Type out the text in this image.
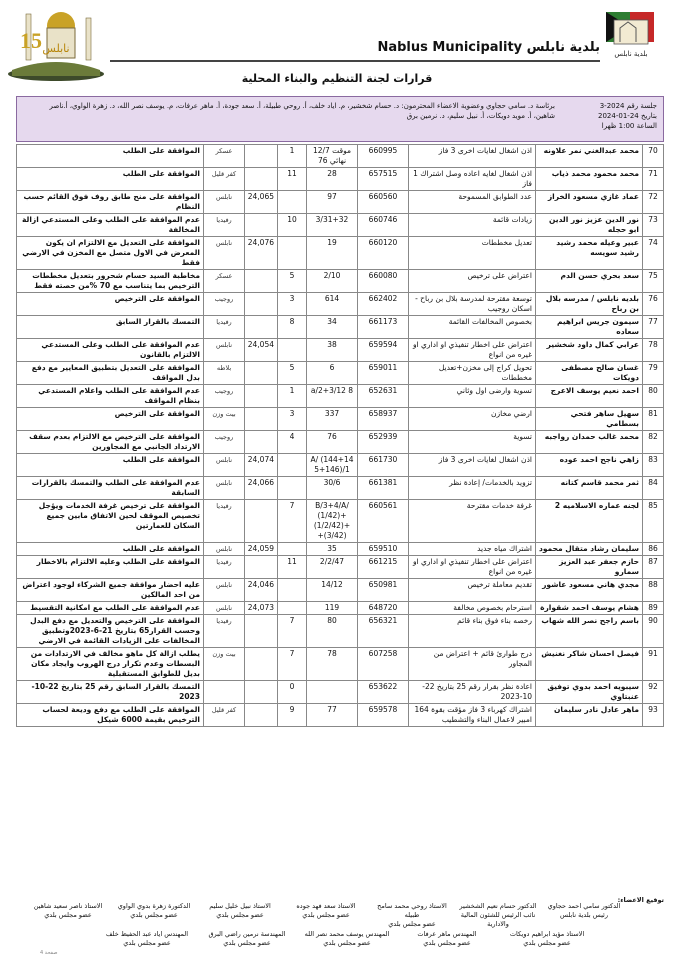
15 نابلس	Nablus Municipality بلدية نابلس بلدية نابلس
قرارات لجنة التنظيم والبناء المحلية
جلسة رقم 2024-3
بتاريخ 24-01-2024
الساعة 1:00 ظهرا
برئاسة د. سامي حجاوي وعضوية الاعضاء المحترمون: د. حسام شخشير، م. اياد خلف، أ. روحي طبيلة، أ. سعد جودة، أ. ماهر عرفات، م. يوسف نصر الله، د. زهرة الواوي، أ.ناصر شاهين، أ. مويد دويكات، أ. نبيل سليم، د. نرمين برق
70	محمد عبدالغني نمر علاونه	اذن اشغال لغايات اخرى 3 فاز	660995	موقت 12/7 نهائي 76	1		عسكر	الموافقة على الطلب
71	محمد محمود محمد ذياب	اذن اشغال لغايه اعاده وصل اشتراك 1 فاز	657515	28	11		كفر قليل	الموافقة على الطلب
72	عماد غازي مسعود الخراز	عدد الطوابق المسموحة	660560	97		24,065	نابلس	الموافقة على منح طابق روف فوق القائم حسب النظام
73	نور الدين عزيز نور الدين ابو حجله	زيادات قائمة	660746	3/31+32	10		رفيديا	عدم الموافقة على الطلب وعلى المستدعي ازالة المخالفة
74	عبير وعيله محمد رشيد رشيد سويسه	تعديل مخططات	660120	19		24,076	نابلس	الموافقة على التعديل مع الالتزام ان يكون المعرض في الاول متصل مع المخزن في الارضي فقط
75	سعد بحري حسن الدم	اعتراض على ترخيص	660080	2/10	5		عسكر	مخاطبة السيد حسام شحرور بتعديل مخططات الترخيص بما يتناسب مع 70 %من حصته فقط
76	بلديه نابلس / مدرسه بلال بن رباح	توسعة مقترحة لمدرسة بلال بن رباح - اسكان روجيب	662402	614	3		روجيب	الموافقة على الترخيص
77	سيمون جريس ابراهيم سعاده	بخصوص المخالفات القائمة	661173	34	8		رفيديا	التمسك بالقرار السابق
78	عرابي كمال داود شخشير	اعتراض على اخطار تنفيذي او اداري او غيره من انواع	659594	38		24,054	نابلس	عدم الموافقة على الطلب وعلى المستدعي الالتزام بالقانون
79	غسان صالح مصطفى دويكات	تحويل كراج إلى مخزن+تعديل مخططات	659011	6	5		بلاطه	الموافقة على التعديل بتطبيق المعايير مع دفع بدل المواقف
80	احمد نعيم يوسف الاعرج	تسوية وارضى اول وثاني	652631	a/2+3/12 8	1		روجيب	عدم الموافقة على الطلب واعلام المستدعي بنظام المواقف
81	سهيل ساهر فتحي بسطامي	ارضي مخازن	658937	337	3		بيت وزن	الموافقة على الترخيص
82	محمد غالب حمدان رواجبه	تسوية	652939	76	4		روجيب	الموافقة على الترخيص مع الالتزام بعدم سقف الارتداد الجانبي مع المجاورين
83	زاهي ناجح احمد عوده	اذن اشغال لغايات اخرى 3 فاز	661730	A/ (144+14 5+146)/1		24,074	نابلس	الموافقة على الطلب
84	ثمر محمد قاسم كتانه	تزويد بالخدمات/ إعادة نظر	661381	30/6		24,066	نابلس	عدم الموافقة على الطلب والتمسك بالقرارات السابقة
85	لجنه عماره الاسلاميه 2	غرفة خدمات مقترحة	660561	B/3+4/A/ (1/42)+ (1/2/42)+ (3/42)+	7		رفيديا	الموافقة على ترخيص غرفة الخدمات ويؤجل تخصيص الموقف لحين الاتفاق مابين جميع السكان للعمارتين
86	سليمان رشاد متقال محمود	اشتراك مياه جديد	659510	35		24,059	نابلس	الموافقة على الطلب
87	حازم جعفر عبد العزيز سمارو	اعتراض على اخطار تنفيذي او اداري او غيره من انواع	661215	2/2/47	11		رفيديا	الموافقة على الطلب وعليه الالتزام بالاخطار
88	مجدي هاني مسعود عاشور	تقديم معاملة ترخيص	650981	14/12		24,046	نابلس	عليه احضار موافقة جميع الشركاء لوجود اعتراض من احد المالكين
89	هشام يوسف احمد شقوارة	استرحام بخصوص مخالفة	648720	119		24,073	نابلس	عدم الموافقة على الطلب مع امكانية التقسيط
90	باسم راجح نصر الله شهاب	رخصه بناء فوق بناء قائم	656321	80	7		رفيديا	الموافقة على الترخيص والتعديل مع دفع البدل وحسب القرار65 بتاريخ 21-6-2023وتطبيق المخالفات على الزيادات القائمة في الارضي
91	فيصل احسان شاكر نغنيش	درج طوارئ قائم + اعتراض من المجاور	607258	78	7		بيت وزن	يطلب ازالة كل ماهو مخالف في الارتدادات من البسطات وعدم تكرار درج الهروب وايجاد مكان بديل للطوابق المستقبلية
92	سيبويه احمد بدوي توفيق عنبتاوي	اعادة نظر بقرار رقم 25 بتاريخ 22-10-2023	653622		0			التمسك بالقرار السابق رقم 25 بتاريخ 22-10-2023
93	ماهر عادل نادر سليمان	اشتراك كهرباء 3 فاز مؤقت بقوة 164 امبير لاعمال البناء والتشطيب	659578	77	9		كفر قليل	الموافقة على الطلب مع دفع وديعة لحساب الترخيص بقيمة 6000 شيكل
توقيع الاعضاء:
الدكتور سامي احمد حجاوي
رئيس بلدية نابلس
الدكتور حسام نعيم الشخشير
نائب الرئيس للشئون المالية والادارية
الاستاذ روحي محمد سامح طبيله
عضو مجلس بلدي
الاستاذ سعد فهد جوده
عضو مجلس بلدي
الاستاذ نبيل خليل سليم
عضو مجلس بلدي
الدكتورة زهرة بدوي الواوي
عضو مجلس بلدي
الاستاذ ناصر سعيد شاهين
عضو مجلس بلدي
الاستاذ مؤيد ابراهيم دويكات
عضو مجلس بلدي
المهندس ماهر عرفات
عضو مجلس بلدي
المهندس يوسف محمد نصر الله
عضو مجلس بلدي
المهندسة نرمين راضي البرق
عضو مجلس بلدي
المهندس اياد عبد الحفيظ خلف
عضو مجلس بلدي
صفحة 4
